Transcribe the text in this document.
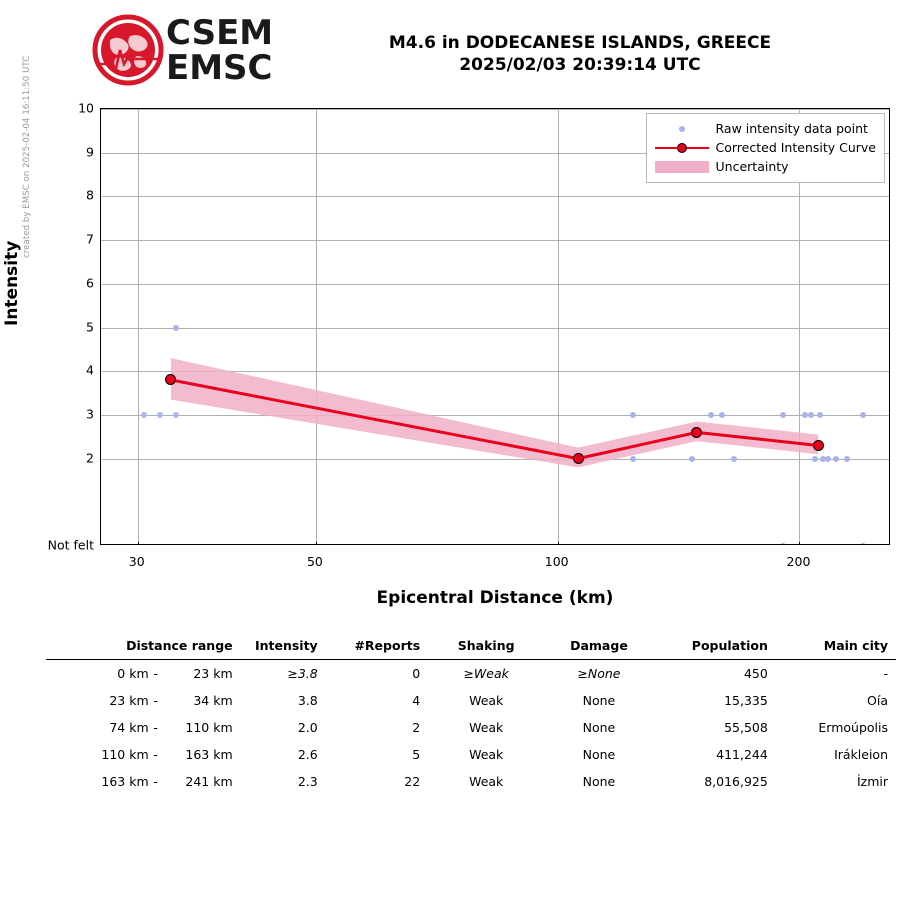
created by EMSC on 2025-02-04 16:11:50 UTC
CSEM
EMSC
M4.6 in DODECANESE ISLANDS, GREECE
2025/02/03 20:39:14 UTC
Intensity
Epicentral Distance (km)
Not felt
2
3
4
5
6
7
8
9
10
30	50	100	200
Raw intensity data point
Corrected Intensity Curve
Uncertainty
Distance range	Intensity	#Reports	Shaking	Damage	Population	Main city

0 km - 23 km	≥3.8	0	≥Weak	≥None	450	-

23 km - 34 km	3.8	4	Weak	None	15,335	Oía

74 km - 110 km	2.0	2	Weak	None	55,508	Ermoúpolis

110 km - 163 km	2.6	5	Weak	None	411,244	Irákleion

163 km - 241 km	2.3	22	Weak	None	8,016,925	İzmir
